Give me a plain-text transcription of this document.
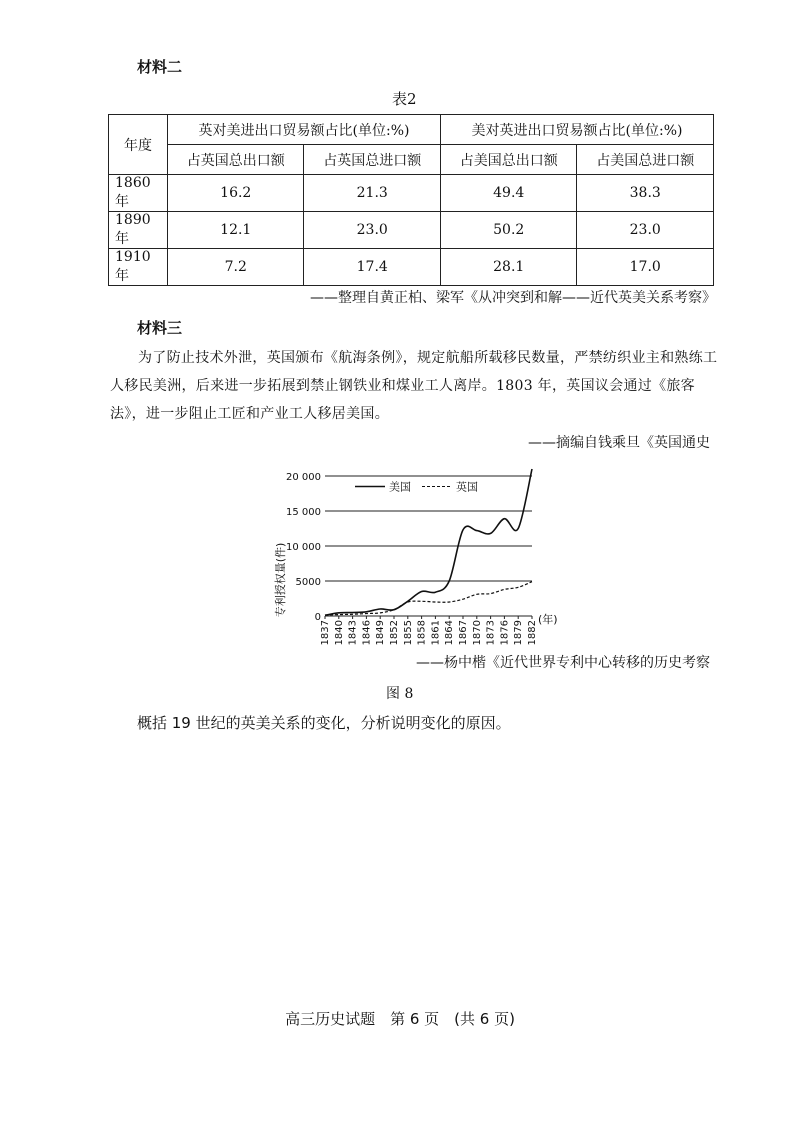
材料二
表2
年度	英对美进出口贸易额占比(单位:%)		美对英进出口贸易额占比(单位:%)	
	占英国总出口额	占英国总进口额	占美国总出口额	占美国总进口额
1860 年	16.2	21.3	49.4	38.3
1890 年	12.1	23.0	50.2	23.0
1910 年	7.2	17.4	28.1	17.0
——整理自黄正柏、梁军《从冲突到和解——近代英美关系考察》
材料三
为了防止技术外泄，英国颁布《航海条例》，规定航船所载移民数量，严禁纺织业主和熟练工人移民美洲，后来进一步拓展到禁止钢铁业和煤业工人离岸。1803 年，英国议会通过《旅客法》，进一步阻止工匠和产业工人移居美国。
——摘编自钱乘旦《英国通史
0
5000
10 000
15 000
20 000
1837 1840 1843 1846 1849 1852 1855 1858 1861 1864 1867 1870 1873 1876 1879 1882
美国	英国
专利授权量(件)
(年)
——杨中楷《近代世界专利中心转移的历史考察
图 8
概括 19 世纪的英美关系的变化，分析说明变化的原因。
高三历史试题　第 6 页　(共 6 页)
